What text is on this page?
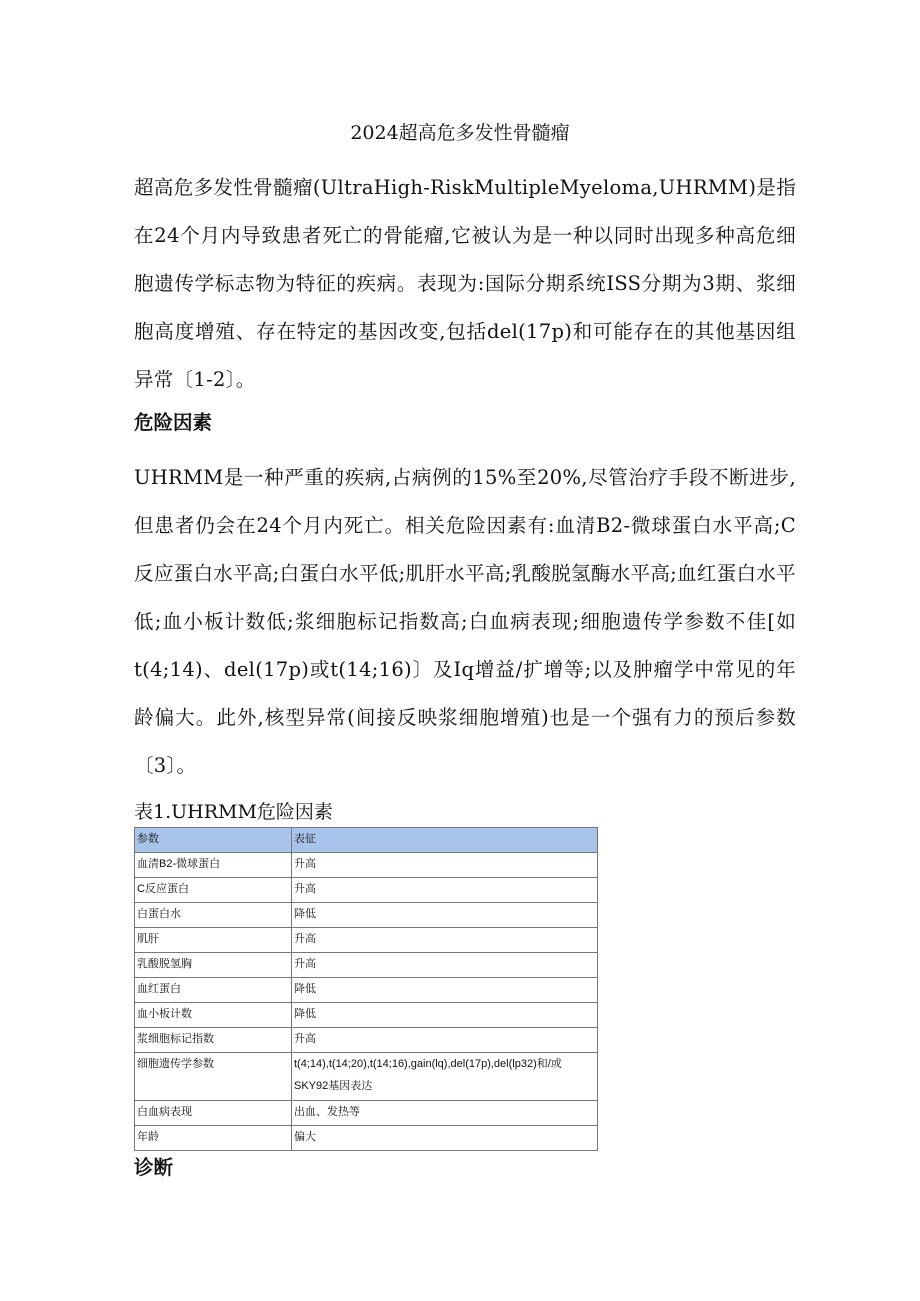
2024超高危多发性骨髓瘤

超高危多发性骨髓瘤(UltraHigh-RiskMultipleMyeloma,UHRMM)是指在24个月内导致患者死亡的骨能瘤,它被认为是一种以同时出现多种高危细胞遗传学标志物为特征的疾病。表现为:国际分期系统ISS分期为3期、浆细胞高度增殖、存在特定的基因改变,包括del(17p)和可能存在的其他基因组异常〔1-2〕。

危险因素

UHRMM是一种严重的疾病,占病例的15%至20%,尽管治疗手段不断进步,但患者仍会在24个月内死亡。相关危险因素有:血清B2-微球蛋白水平高;C反应蛋白水平高;白蛋白水平低;肌肝水平高;乳酸脱氢酶水平高;血红蛋白水平低;血小板计数低;浆细胞标记指数高;白血病表现;细胞遗传学参数不佳[如t(4;14)、del(17p)或t(14;16)〕及Iq增益/扩增等;以及肿瘤学中常见的年龄偏大。此外,核型异常(间接反映浆细胞增殖)也是一个强有力的预后参数〔3〕。

表1.UHRMM危险因素
参数	表征
血清B2-微球蛋白	升高
C反应蛋白	升高
白蛋白水	降低
肌肝	升高
乳酸脱氢胸	升高
血红蛋白	降低
血小板计数	降低
浆细胞标记指数	升高
细胞遗传学参数	t(4;14),t(14;20),t(14;16),gain(lq),del(17p),del(lp32)和/或SKY92基因表达
白血病表现	出血、发热等
年龄	偏大
诊断
